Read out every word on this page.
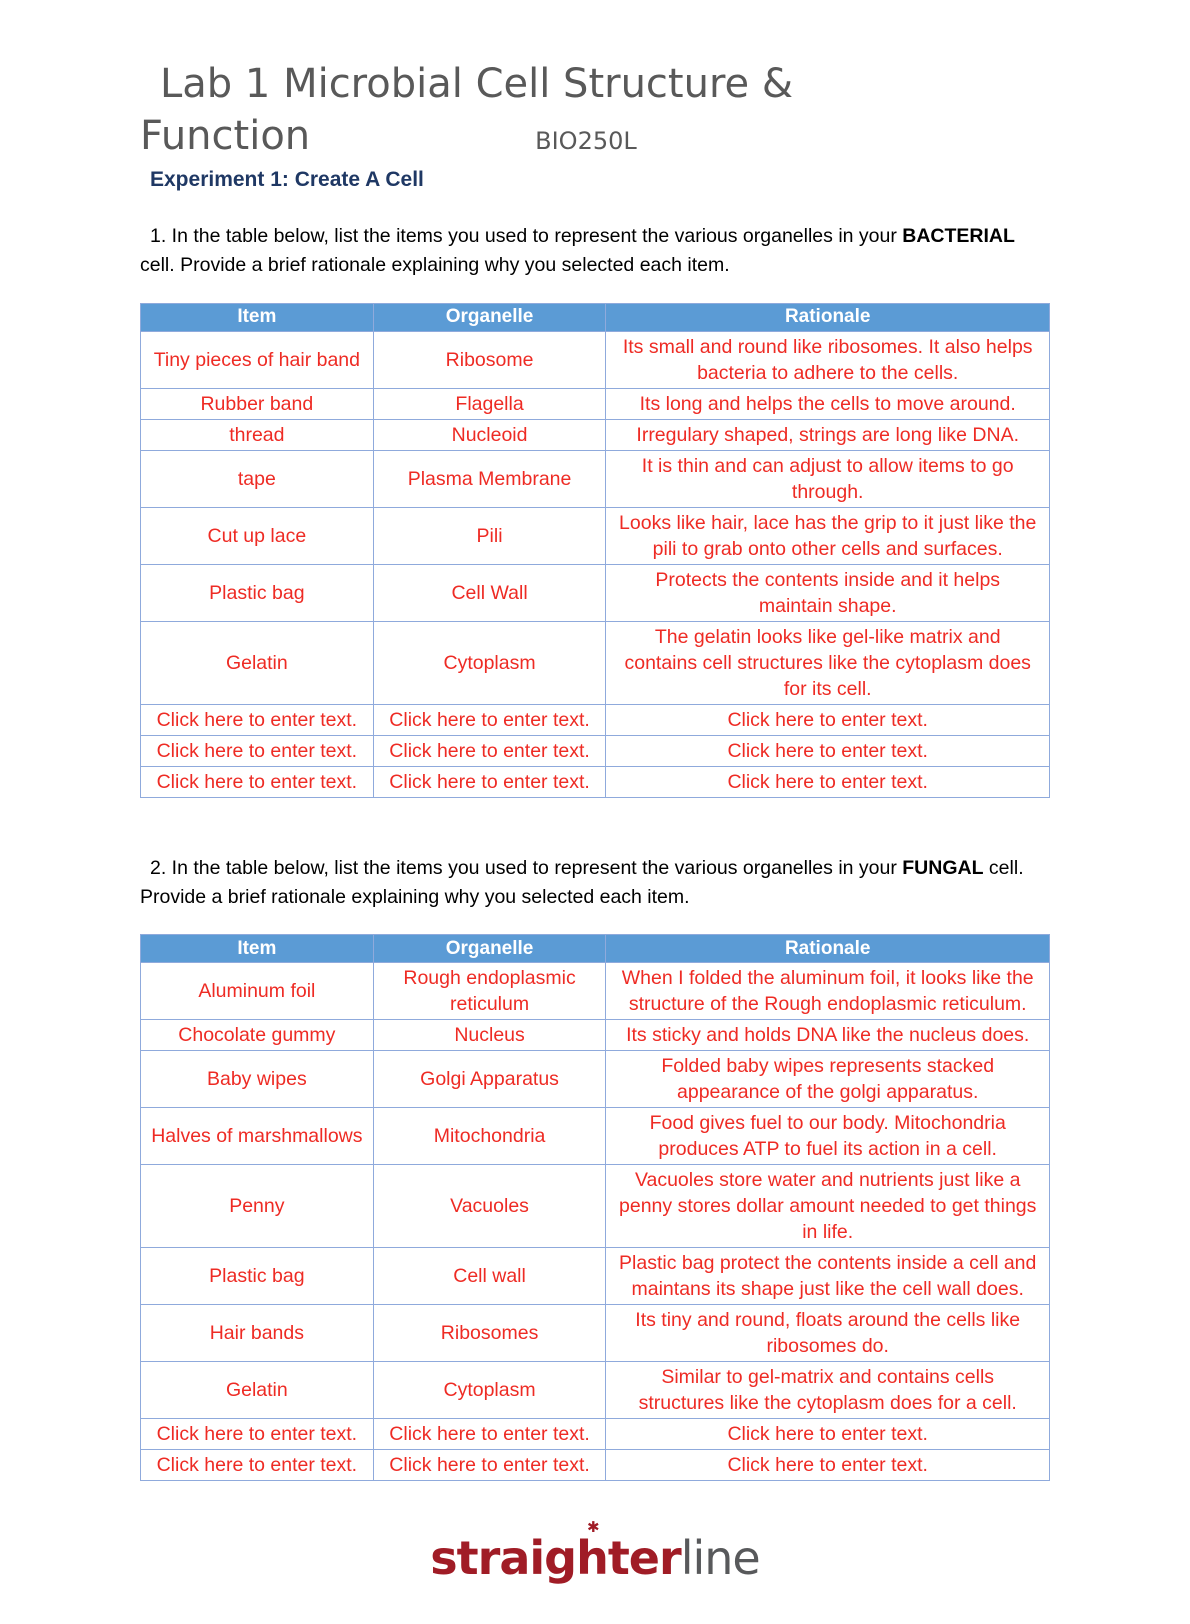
Lab 1 Microbial Cell Structure &
Function	BIO250L
Experiment 1: Create A Cell

1. In the table below, list the items you used to represent the various organelles in your BACTERIAL cell. Provide a brief rationale explaining why you selected each item.

Item	Organelle	Rationale
Tiny pieces of hair band	Ribosome	Its small and round like ribosomes. It also helps bacteria to adhere to the cells.
Rubber band	Flagella	Its long and helps the cells to move around.
thread	Nucleoid	Irregulary shaped, strings are long like DNA.
tape	Plasma Membrane	It is thin and can adjust to allow items to go through.
Cut up lace	Pili	Looks like hair, lace has the grip to it just like the pili to grab onto other cells and surfaces.
Plastic bag	Cell Wall	Protects the contents inside and it helps maintain shape.
Gelatin	Cytoplasm	The gelatin looks like gel-like matrix and contains cell structures like the cytoplasm does for its cell.
Click here to enter text.	Click here to enter text.	Click here to enter text.
Click here to enter text.	Click here to enter text.	Click here to enter text.
Click here to enter text.	Click here to enter text.	Click here to enter text.

2. In the table below, list the items you used to represent the various organelles in your FUNGAL cell. Provide a brief rationale explaining why you selected each item.

Item	Organelle	Rationale
Aluminum foil	Rough endoplasmic reticulum	When I folded the aluminum foil, it looks like the structure of the Rough endoplasmic reticulum.
Chocolate gummy	Nucleus	Its sticky and holds DNA like the nucleus does.
Baby wipes	Golgi Apparatus	Folded baby wipes represents stacked appearance of the golgi apparatus.
Halves of marshmallows	Mitochondria	Food gives fuel to our body. Mitochondria produces ATP to fuel its action in a cell.
Penny	Vacuoles	Vacuoles store water and nutrients just like a penny stores dollar amount needed to get things in life.
Plastic bag	Cell wall	Plastic bag protect the contents inside a cell and maintans its shape just like the cell wall does.
Hair bands	Ribosomes	Its tiny and round, floats around the cells like ribosomes do.
Gelatin	Cytoplasm	Similar to gel-matrix and contains cells structures like the cytoplasm does for a cell.
Click here to enter text.	Click here to enter text.	Click here to enter text.
Click here to enter text.	Click here to enter text.	Click here to enter text.
✱
straighterline
